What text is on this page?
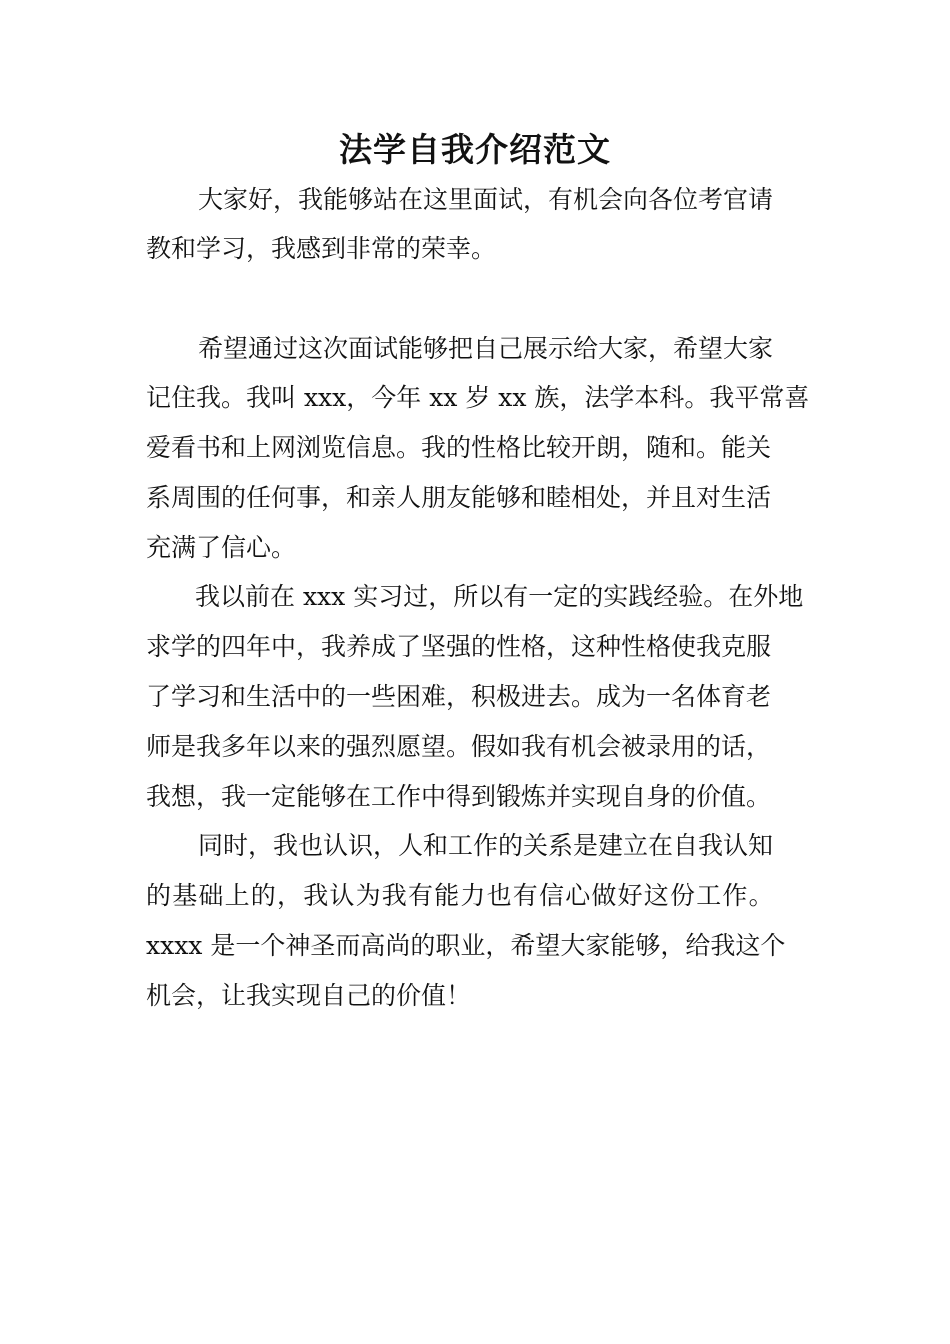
法学自我介绍范文

大家好，我能够站在这里面试，有机会向各位考官请

教和学习，我感到非常的荣幸。

希望通过这次面试能够把自己展示给大家，希望大家

记住我。我叫 xxx，今年 xx 岁 xx 族，法学本科。我平常喜

爱看书和上网浏览信息。我的性格比较开朗，随和。能关

系周围的任何事，和亲人朋友能够和睦相处，并且对生活

充满了信心。

我以前在 xxx 实习过，所以有一定的实践经验。在外地

求学的四年中，我养成了坚强的性格，这种性格使我克服

了学习和生活中的一些困难，积极进去。成为一名体育老

师是我多年以来的强烈愿望。假如我有机会被录用的话，

我想，我一定能够在工作中得到锻炼并实现自身的价值。

同时，我也认识，人和工作的关系是建立在自我认知

的基础上的，我认为我有能力也有信心做好这份工作。

xxxx 是一个神圣而高尚的职业，希望大家能够，给我这个

机会，让我实现自己的价值！
